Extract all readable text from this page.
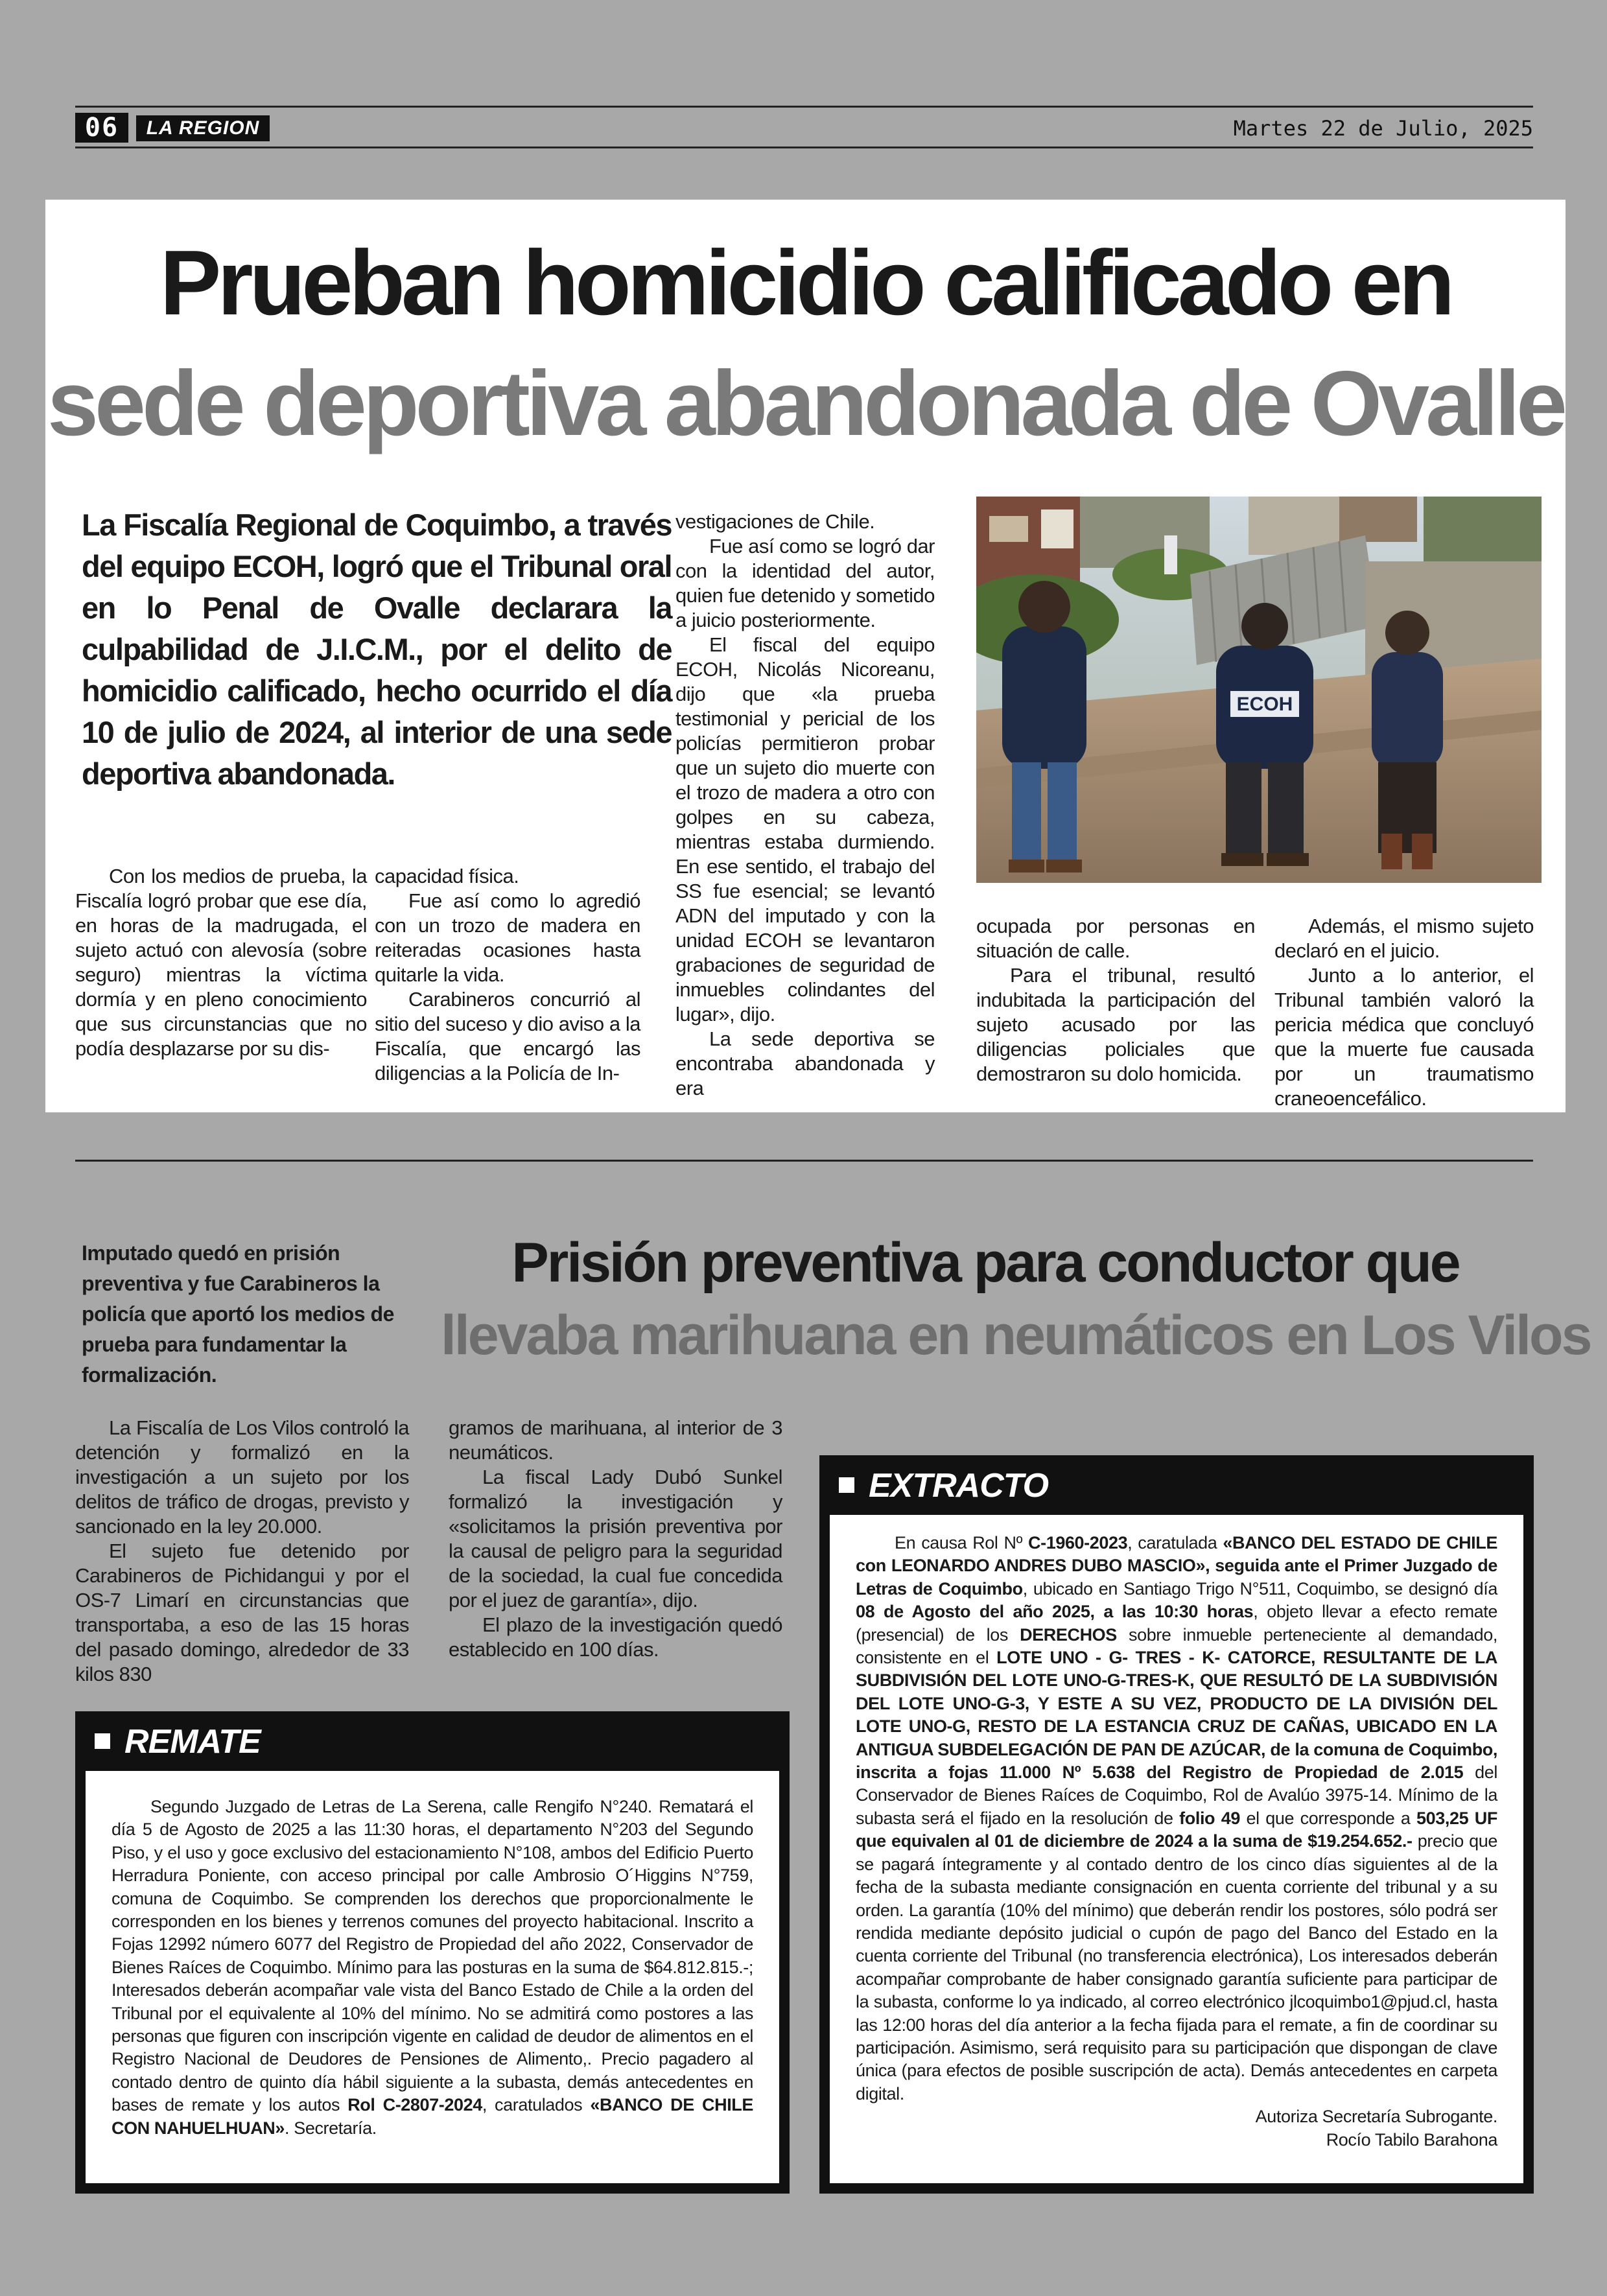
06	LA REGION	Martes 22 de Julio, 2025
Prueban homicidio calificado en
sede deportiva abandonada de Ovalle

La Fiscalía Regional de Coquimbo, a través del equipo ECOH, logró que el Tribunal oral en lo Penal de Ovalle declarara la culpabilidad de J.I.C.M., por el delito de homicidio calificado, hecho ocurrido el día 10 de julio de 2024, al interior de una sede deportiva abandonada.

Con los medios de prueba, la Fiscalía logró probar que ese día, en horas de la madrugada, el sujeto actuó con alevosía (sobre seguro) mientras la víctima dormía y en pleno conocimiento que sus circunstancias que no podía desplazarse por su dis-

capacidad física.

Fue así como lo agredió con un trozo de madera en reiteradas ocasiones hasta quitarle la vida.

Carabineros concurrió al sitio del suceso y dio aviso a la Fiscalía, que encargó las diligencias a la Policía de In-

vestigaciones de Chile.

Fue así como se logró dar con la identidad del autor, quien fue detenido y sometido a juicio posteriormente.

El fiscal del equipo ECOH, Nicolás Nicoreanu, dijo que «la prueba testimonial y pericial de los policías permitieron probar que un sujeto dio muerte con el trozo de madera a otro con golpes en su cabeza, mientras estaba durmiendo. En ese sentido, el trabajo del SS fue esencial; se levantó ADN del imputado y con la unidad ECOH se levantaron grabaciones de seguridad de inmuebles colindantes del lugar», dijo.

La sede deportiva se encontraba abandonada y era

ECOH

ocupada por personas en situación de calle.

Para el tribunal, resultó indubitada la participación del sujeto acusado por las diligencias policiales que demostraron su dolo homicida.

Además, el mismo sujeto declaró en el juicio.

Junto a lo anterior, el Tribunal también valoró la pericia médica que concluyó que la muerte fue causada por un traumatismo craneoencefálico.

Imputado quedó en prisión preventiva y fue Carabineros la policía que aportó los medios de prueba para fundamentar la formalización.

Prisión preventiva para conductor que
llevaba marihuana en neumáticos en Los Vilos

La Fiscalía de Los Vilos controló la detención y formalizó en la investigación a un sujeto por los delitos de tráfico de drogas, previsto y sancionado en la ley 20.000.

El sujeto fue detenido por Carabineros de Pichidangui y por el OS-7 Limarí en circunstancias que transportaba, a eso de las 15 horas del pasado domingo, alrededor de 33 kilos 830

gramos de marihuana, al interior de 3 neumáticos.

La fiscal Lady Dubó Sunkel formalizó la investigación y «solicitamos la prisión preventiva por la causal de peligro para la seguridad de la sociedad, la cual fue concedida por el juez de garantía», dijo.

El plazo de la investigación quedó establecido en 100 días.

REMATE

Segundo Juzgado de Letras de La Serena, calle Rengifo N°240. Rematará el día 5 de Agosto de 2025 a las 11:30 horas, el departamento N°203 del Segundo Piso, y el uso y goce exclusivo del estacionamiento N°108, ambos del Edificio Puerto Herradura Poniente, con acceso principal por calle Ambrosio O´Higgins N°759, comuna de Coquimbo. Se comprenden los derechos que proporcionalmente le corresponden en los bienes y terrenos comunes del proyecto habitacional. Inscrito a Fojas 12992 número 6077 del Registro de Propiedad del año 2022, Conservador de Bienes Raíces de Coquimbo. Mínimo para las posturas en la suma de $64.812.815.-; Interesados deberán acompañar vale vista del Banco Estado de Chile a la orden del Tribunal por el equivalente al 10% del mínimo. No se admitirá como postores a las personas que figuren con inscripción vigente en calidad de deudor de alimentos en el Registro Nacional de Deudores de Pensiones de Alimento,. Precio pagadero al contado dentro de quinto día hábil siguiente a la subasta, demás antecedentes en bases de remate y los autos Rol C-2807-2024, caratulados «BANCO DE CHILE CON NAHUELHUAN». Secretaría.

EXTRACTO

En causa Rol Nº C-1960-2023, caratulada «BANCO DEL ESTADO DE CHILE con LEONARDO ANDRES DUBO MASCIO», seguida ante el Primer Juzgado de Letras de Coquimbo, ubicado en Santiago Trigo N°511, Coquimbo, se designó día 08 de Agosto del año 2025, a las 10:30 horas, objeto llevar a efecto remate (presencial) de los DERECHOS sobre inmueble perteneciente al demandado, consistente en el LOTE UNO - G- TRES - K- CATORCE, RESULTANTE DE LA SUBDIVISIÓN DEL LOTE UNO-G-TRES-K, QUE RESULTÓ DE LA SUBDIVISIÓN DEL LOTE UNO-G-3, Y ESTE A SU VEZ, PRODUCTO DE LA DIVISIÓN DEL LOTE UNO-G, RESTO DE LA ESTANCIA CRUZ DE CAÑAS, UBICADO EN LA ANTIGUA SUBDELEGACIÓN DE PAN DE AZÚCAR, de la comuna de Coquimbo, inscrita a fojas 11.000 Nº 5.638 del Registro de Propiedad de 2.015 del Conservador de Bienes Raíces de Coquimbo, Rol de Avalúo 3975-14. Mínimo de la subasta será el fijado en la resolución de folio 49 el que corresponde a 503,25 UF que equivalen al 01 de diciembre de 2024 a la suma de $19.254.652.- precio que se pagará íntegramente y al contado dentro de los cinco días siguientes al de la fecha de la subasta mediante consignación en cuenta corriente del tribunal y a su orden. La garantía (10% del mínimo) que deberán rendir los postores, sólo podrá ser rendida mediante depósito judicial o cupón de pago del Banco del Estado en la cuenta corriente del Tribunal (no transferencia electrónica), Los interesados deberán acompañar comprobante de haber consignado garantía suficiente para participar de la subasta, conforme lo ya indicado, al correo electrónico jlcoquimbo1@pjud.cl, hasta las 12:00 horas del día anterior a la fecha fijada para el remate, a fin de coordinar su participación. Asimismo, será requisito para su participación que dispongan de clave única (para efectos de posible suscripción de acta). Demás antecedentes en carpeta digital.

Autoriza Secretaría Subrogante.

Rocío Tabilo Barahona
